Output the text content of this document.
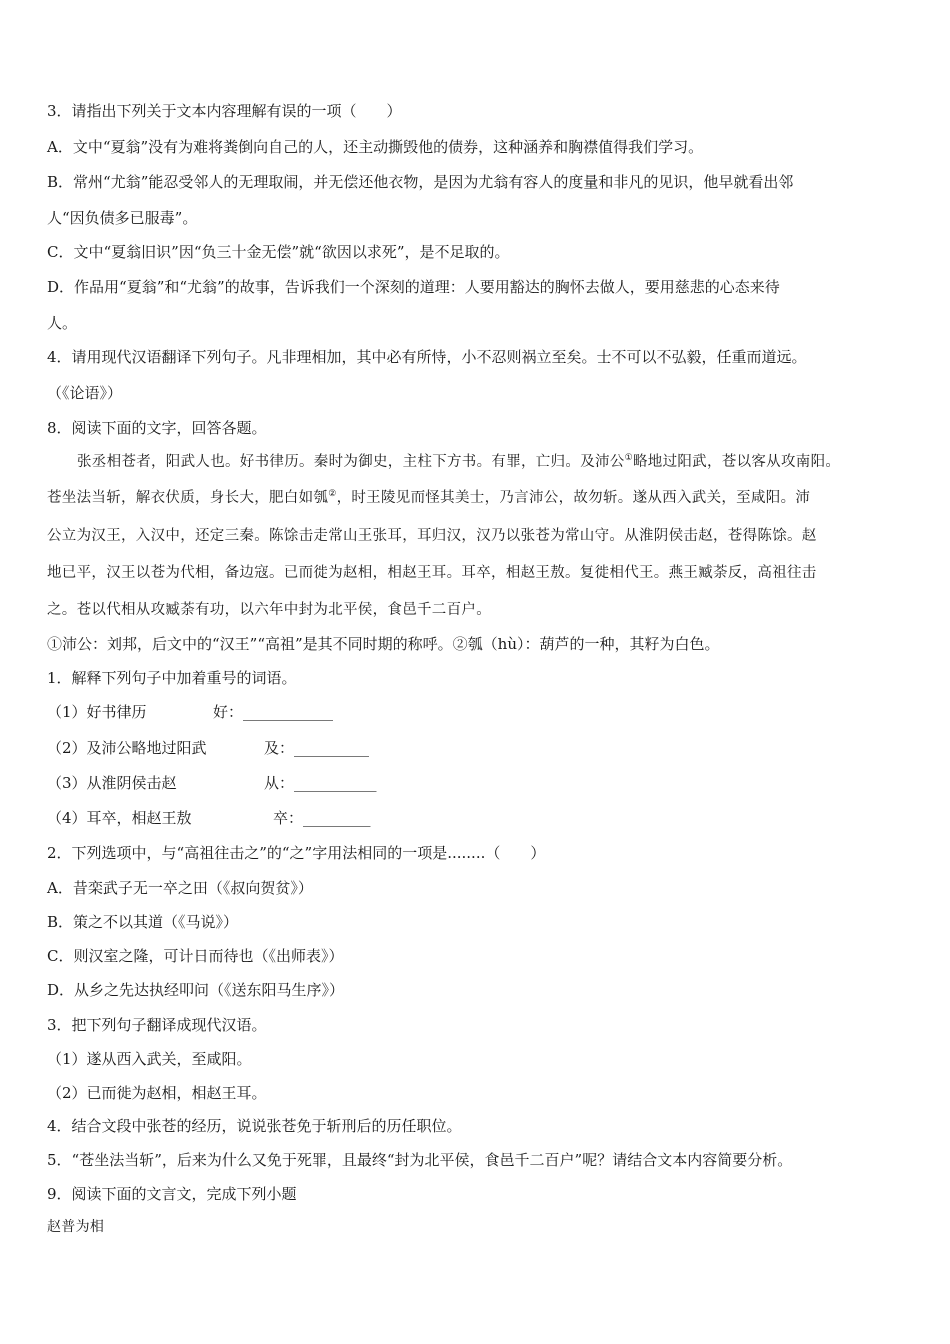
3．请指出下列关于文本内容理解有误的一项（　　）
A．文中“夏翁”没有为难将粪倒向自己的人，还主动撕毁他的债券，这种涵养和胸襟值得我们学习。
B．常州“尤翁”能忍受邻人的无理取闹，并无偿还他衣物，是因为尤翁有容人的度量和非凡的见识，他早就看出邻
人“因负债多已服毒”。
C．文中“夏翁旧识”因“负三十金无偿”就“欲因以求死”，是不足取的。
D．作品用“夏翁”和“尤翁”的故事，告诉我们一个深刻的道理：人要用豁达的胸怀去做人，要用慈悲的心态来待
人。
4．请用现代汉语翻译下列句子。凡非理相加，其中必有所恃，小不忍则祸立至矣。士不可以不弘毅，任重而道远。
（《论语》）
8．阅读下面的文字，回答各题。
张丞相苍者，阳武人也。好书律历。秦时为御史，主柱下方书。有罪，亡归。及沛公①略地过阳武，苍以客从攻南阳。
苍坐法当斩，解衣伏质，身长大，肥白如瓠②，时王陵见而怪其美士，乃言沛公，故勿斩。遂从西入武关，至咸阳。沛
公立为汉王，入汉中，还定三秦。陈馀击走常山王张耳，耳归汉，汉乃以张苍为常山守。从淮阴侯击赵，苍得陈馀。赵
地已平，汉王以苍为代相，备边寇。已而徙为赵相，相赵王耳。耳卒，相赵王敖。复徙相代王。燕王臧荼反，高祖往击
之。苍以代相从攻臧荼有功，以六年中封为北平侯，食邑千二百户。
①沛公：刘邦，后文中的“汉王”“高祖”是其不同时期的称呼。②瓠（hù）：葫芦的一种，其籽为白色。
1．解释下列句子中加着重号的词语。
（1）好书律历	好：____________
（2）及沛公略地过阳武	及：__________
（3）从淮阴侯击赵	从：___________
（4）耳卒，相赵王敖	卒：_________
2．下列选项中，与“高祖往击之”的“之”字用法相同的一项是........（　　）
A．昔栾武子无一卒之田（《叔向贺贫》）
B．策之不以其道（《马说》）
C．则汉室之隆，可计日而待也（《出师表》）
D．从乡之先达执经叩问（《送东阳马生序》）
3．把下列句子翻译成现代汉语。
（1）遂从西入武关，至咸阳。
（2）已而徙为赵相，相赵王耳。
4．结合文段中张苍的经历，说说张苍免于斩刑后的历任职位。
5．“苍坐法当斩”，后来为什么又免于死罪，且最终“封为北平侯，食邑千二百户”呢？请结合文本内容简要分析。
9．阅读下面的文言文，完成下列小题
赵普为相
